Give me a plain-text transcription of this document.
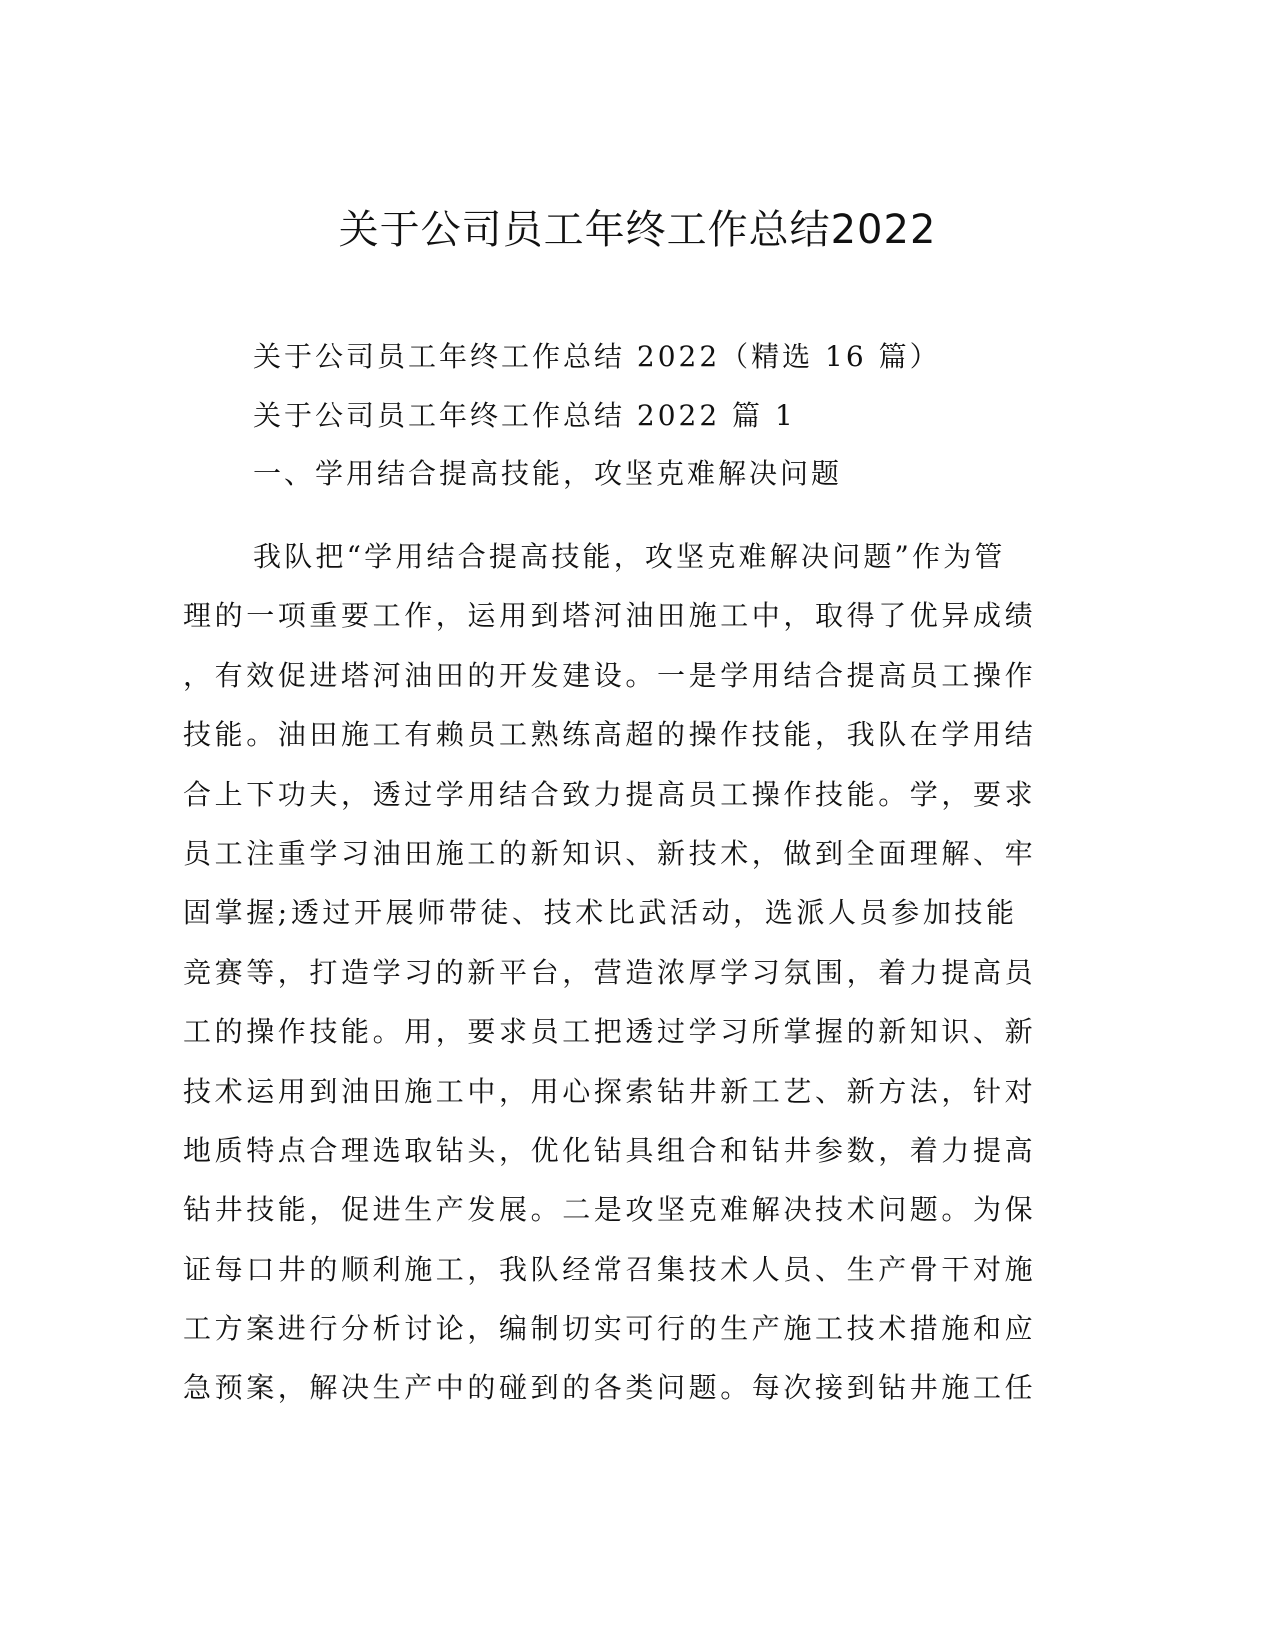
关于公司员工年终工作总结2022

关于公司员工年终工作总结 2022（精选 16 篇）

关于公司员工年终工作总结 2022 篇 1

一、学用结合提高技能，攻坚克难解决问题

我队把“学用结合提高技能，攻坚克难解决问题”作为管
理的一项重要工作，运用到塔河油田施工中，取得了优异成绩
，有效促进塔河油田的开发建设。一是学用结合提高员工操作
技能。油田施工有赖员工熟练高超的操作技能，我队在学用结
合上下功夫，透过学用结合致力提高员工操作技能。学，要求
员工注重学习油田施工的新知识、新技术，做到全面理解、牢
固掌握;透过开展师带徒、技术比武活动，选派人员参加技能
竞赛等，打造学习的新平台，营造浓厚学习氛围，着力提高员
工的操作技能。用，要求员工把透过学习所掌握的新知识、新
技术运用到油田施工中，用心探索钻井新工艺、新方法，针对
地质特点合理选取钻头，优化钻具组合和钻井参数，着力提高
钻井技能，促进生产发展。二是攻坚克难解决技术问题。为保
证每口井的顺利施工，我队经常召集技术人员、生产骨干对施
工方案进行分析讨论，编制切实可行的生产施工技术措施和应
急预案，解决生产中的碰到的各类问题。每次接到钻井施工任
